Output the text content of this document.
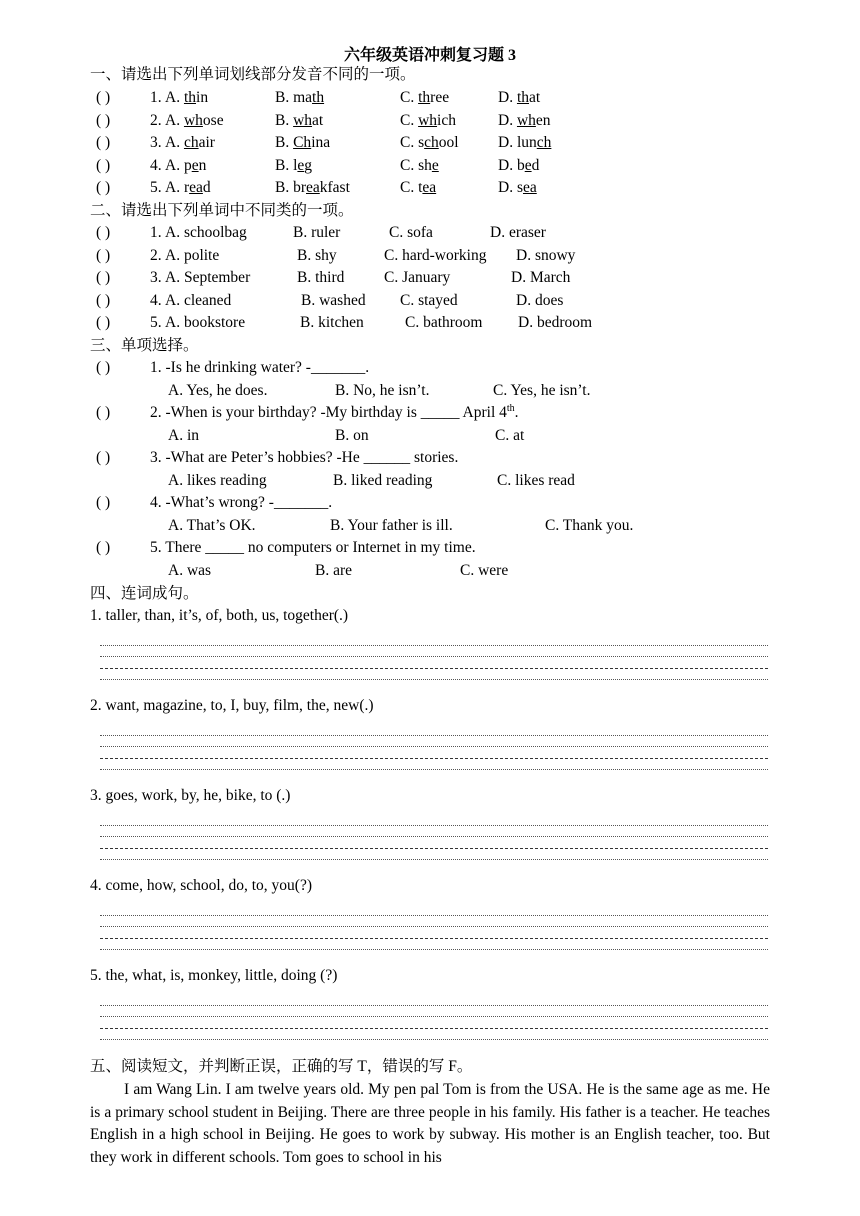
六年级英语冲刺复习题 3
一、请选出下列单词划线部分发音不同的一项。
( )	1. A. thin	B. math	C. three	D. that
( )	2. A. whose	B. what	C. which	D. when
( )	3. A. chair	B. China	C. school	D. lunch
( )	4. A. pen	B. leg	C. she	D. bed
( )	5. A. read	B. breakfast	C. tea	D. sea
二、请选出下列单词中不同类的一项。
( )	1. A. schoolbag	B. ruler	C. sofa	D. eraser
( )	2. A. polite	B. shy	C. hard-working D. snowy
( )	3. A. September	B. third	C. January	D. March
( )	4. A. cleaned	B. washed C. stayed	D. does
( )	5. A. bookstore	B. kitchen	C. bathroom D. bedroom
三、单项选择。
( )	1. -Is he drinking water? -_______.
A. Yes, he does.	B. No, he isn’t.	C. Yes, he isn’t.
( )	2. -When is your birthday? -My birthday is _____ April 4th.
A. in	B. on	C. at
( )	3. -What are Peter’s hobbies? -He ______ stories.
A. likes reading	B. liked reading	C. likes read
( )	4. -What’s wrong? -_______.
A. That’s OK.	B. Your father is ill.	C. Thank you.
( )	5. There _____ no computers or Internet in my time.
A. was	B. are	C. were
四、连词成句。
1. taller, than, it’s, of, both, us, together(.)
2. want, magazine, to, I, buy, film, the, new(.)
3. goes, work, by, he, bike, to (.)
4. come, how, school, do, to, you(?)
5. the, what, is, monkey, little, doing (?)
五、阅读短文，并判断正误，正确的写 T，错误的写 F。
I am Wang Lin. I am twelve years old. My pen pal Tom is from the USA. He is the same age as me. He is a primary school student in Beijing. There are three people in his family. His father is a teacher. He teaches English in a high school in Beijing. He goes to work by subway. His mother is an English teacher, too. But they work in different schools. Tom goes to school in his
